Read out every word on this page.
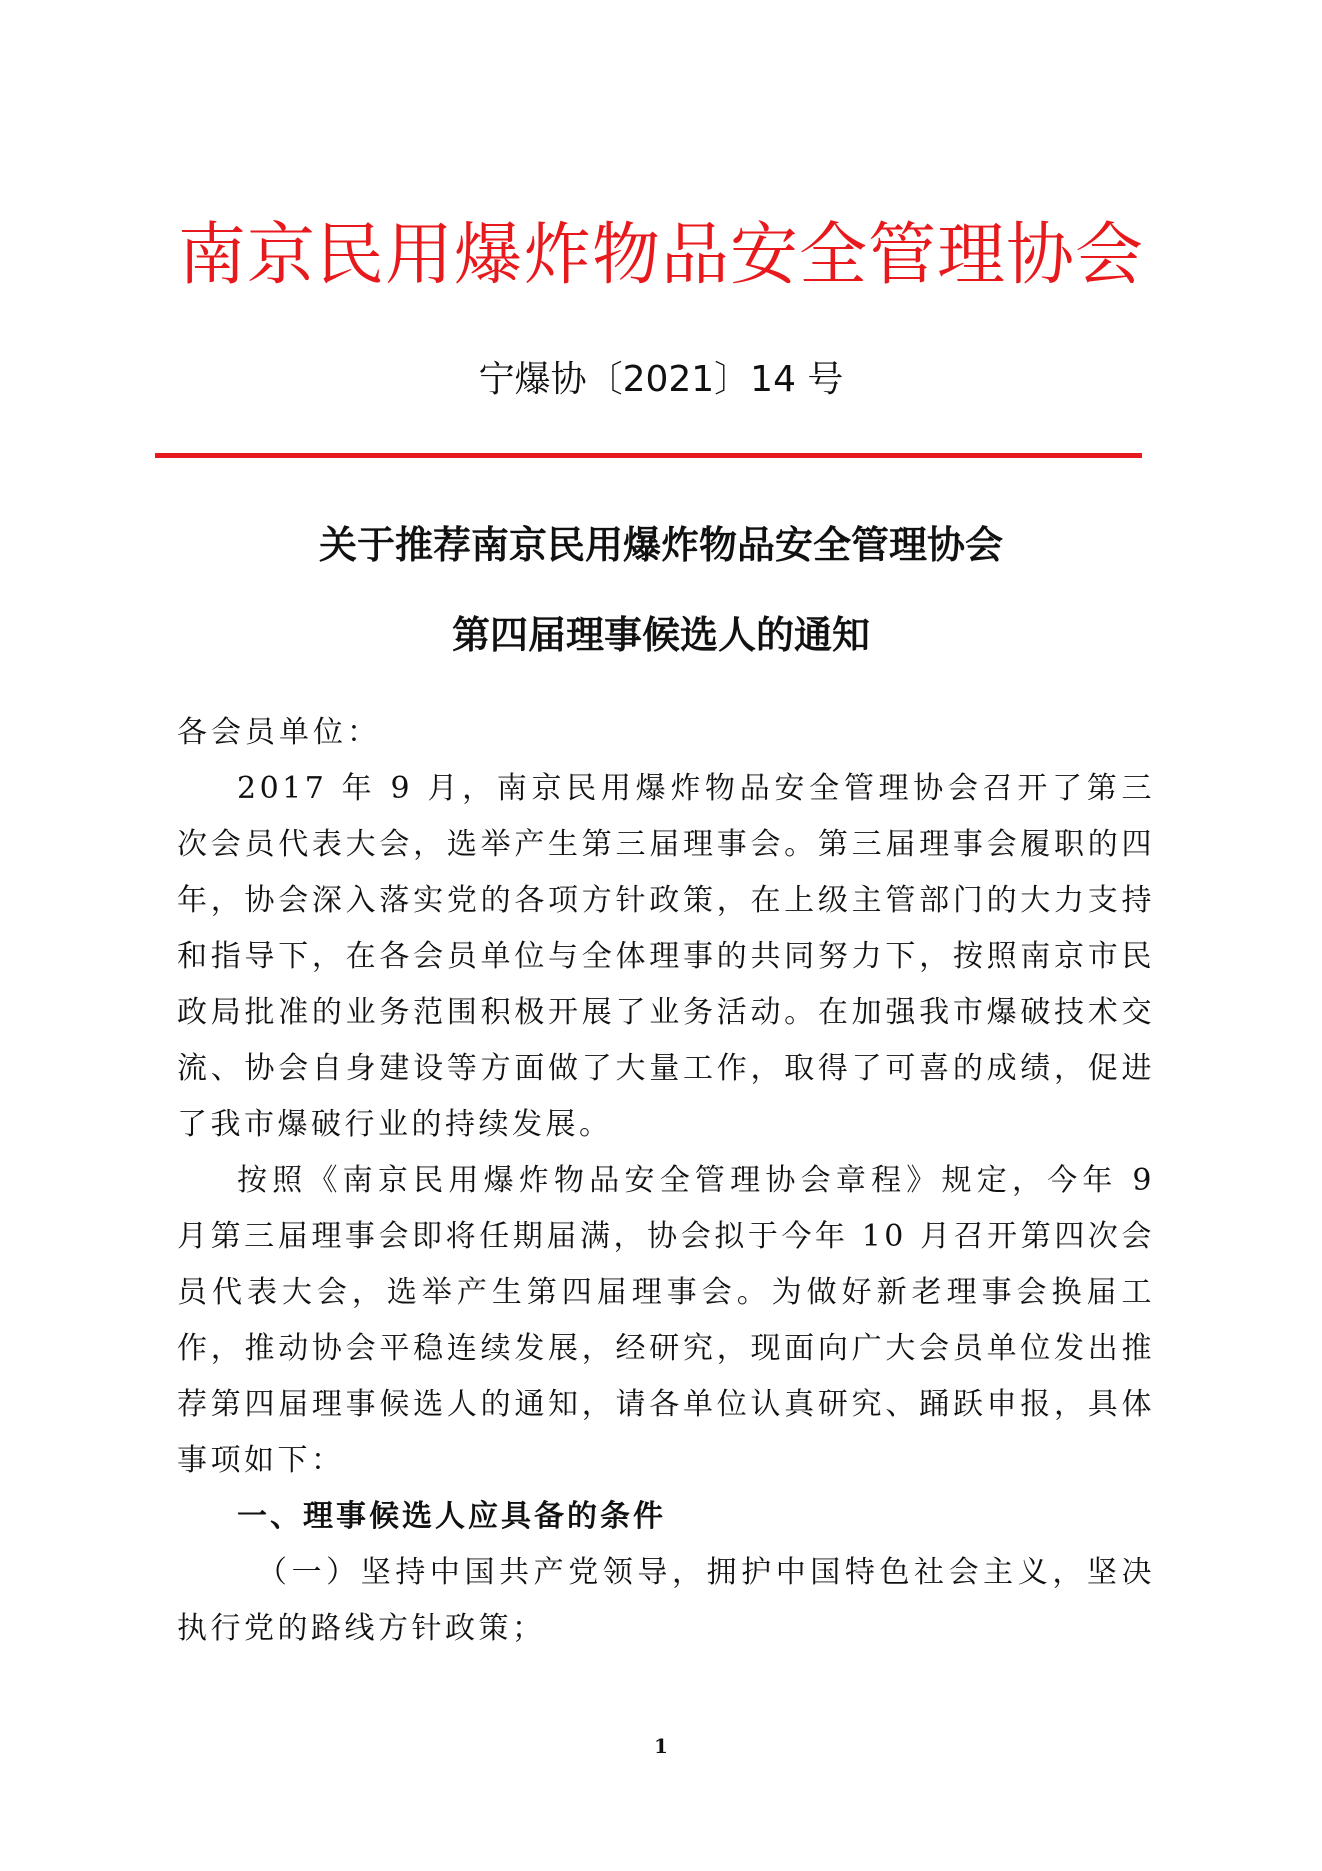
南京民用爆炸物品安全管理协会
宁爆协〔2021〕14 号
关于推荐南京民用爆炸物品安全管理协会
第四届理事候选人的通知

各会员单位：

2017 年 9 月，南京民用爆炸物品安全管理协会召开了第三次会员代表大会，选举产生第三届理事会。第三届理事会履职的四年，协会深入落实党的各项方针政策，在上级主管部门的大力支持和指导下，在各会员单位与全体理事的共同努力下，按照南京市民政局批准的业务范围积极开展了业务活动。在加强我市爆破技术交流、协会自身建设等方面做了大量工作，取得了可喜的成绩，促进了我市爆破行业的持续发展。

按照《南京民用爆炸物品安全管理协会章程》规定，今年 9 月第三届理事会即将任期届满，协会拟于今年 10 月召开第四次会员代表大会，选举产生第四届理事会。为做好新老理事会换届工作，推动协会平稳连续发展，经研究，现面向广大会员单位发出推荐第四届理事候选人的通知，请各单位认真研究、踊跃申报，具体事项如下：

一、理事候选人应具备的条件

（一）坚持中国共产党领导，拥护中国特色社会主义，坚决执行党的路线方针政策；

1
